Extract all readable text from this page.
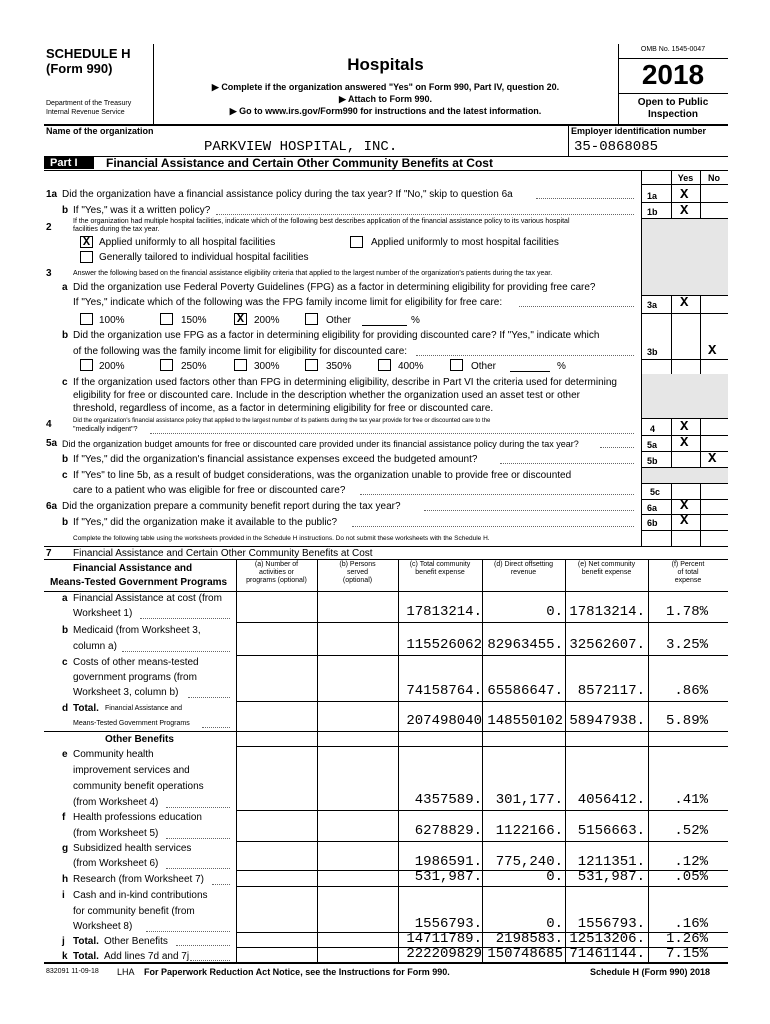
SCHEDULE H
(Form 990)
Department of the Treasury
Internal Revenue Service
Hospitals
▶ Complete if the organization answered "Yes" on Form 990, Part IV, question 20.
▶ Attach to Form 990.
▶ Go to www.irs.gov/Form990 for instructions and the latest information.
OMB No. 1545-0047
2018
Open to Public
Inspection
Name of the organization
PARKVIEW HOSPITAL, INC.
Employer identification number
35-0868085
Part I Financial Assistance and Certain Other Community Benefits at Cost
Yes	No
1a Did the organization have a financial assistance policy during the tax year? If "No," skip to question 6a	1a X
b If "Yes," was it a written policy?	1b X
2
If the organization had multiple hospital facilities, indicate which of the following best describes application of the financial assistance policy to its various hospital
facilities during the tax year.
X Applied uniformly to all hospital facilities	Applied uniformly to most hospital facilities
Generally tailored to individual hospital facilities
3	Answer the following based on the financial assistance eligibility criteria that applied to the largest number of the organization's patients during the tax year.
a Did the organization use Federal Poverty Guidelines (FPG) as a factor in determining eligibility for providing free care?
If "Yes," indicate which of the following was the FPG family income limit for eligibility for free care:	3a X
100%	150%	X 200%	Other	%
b Did the organization use FPG as a factor in determining eligibility for providing discounted care? If "Yes," indicate which
of the following was the family income limit for eligibility for discounted care:	3b	X
200%	250%	300%	350%	400%	Other	%
c If the organization used factors other than FPG in determining eligibility, describe in Part VI the criteria used for determining
eligibility for free or discounted care. Include in the description whether the organization used an asset test or other
threshold, regardless of income, as a factor in determining eligibility for free or discounted care.
4	Did the organization's financial assistance policy that applied to the largest number of its patients during the tax year provide for free or discounted care to the
"medically indigent"?	4 X
5a Did the organization budget amounts for free or discounted care provided under its financial assistance policy during the tax year?	5a X
b If "Yes," did the organization's financial assistance expenses exceed the budgeted amount?	5b	X
c If "Yes" to line 5b, as a result of budget considerations, was the organization unable to provide free or discounted
care to a patient who was eligible for free or discounted care?	5c
6a Did the organization prepare a community benefit report during the tax year?	6a X
b If "Yes," did the organization make it available to the public?	6b X
Complete the following table using the worksheets provided in the Schedule H instructions. Do not submit these worksheets with the Schedule H.
7 Financial Assistance and Certain Other Community Benefits at Cost
Financial Assistance and
Means-Tested Government Programs
(a) Number of
activities or
programs (optional)
(b) Persons
served
(optional)
(c) Total community
benefit expense
(d) Direct offsetting
revenue
(e) Net community
benefit expense
(f) Percent
of total
expense
a Financial Assistance at cost (from
Worksheet 1)	17813214.	0. 17813214.	1.78%
b Medicaid (from Worksheet 3,
column a)	115526062 82963455. 32562607.	3.25%
c Costs of other means-tested
government programs (from
Worksheet 3, column b)	74158764. 65586647.	8572117.	.86%
d Total. Financial Assistance and
Means-Tested Government Programs	207498040 148550102 58947938.	5.89%
Other Benefits
e Community health
improvement services and
community benefit operations
(from Worksheet 4)	4357589. 301,177.	4056412.	.41%
f Health professions education
(from Worksheet 5)	6278829. 1122166.	5156663.	.52%
g Subsidized health services
(from Worksheet 6)	1986591. 775,240.	1211351.	.12%
h Research (from Worksheet 7)	531,987.	0.	531,987.	.05%
i Cash and in-kind contributions
for community benefit (from
Worksheet 8)	1556793.	0.	1556793.	.16%
j Total. Other Benefits	14711789. 2198583. 12513206.	1.26%
k Total. Add lines 7d and 7j	222209829 150748685 71461144.	7.15%
832091 11-09-18 LHA For Paperwork Reduction Act Notice, see the Instructions for Form 990.	Schedule H (Form 990) 2018
